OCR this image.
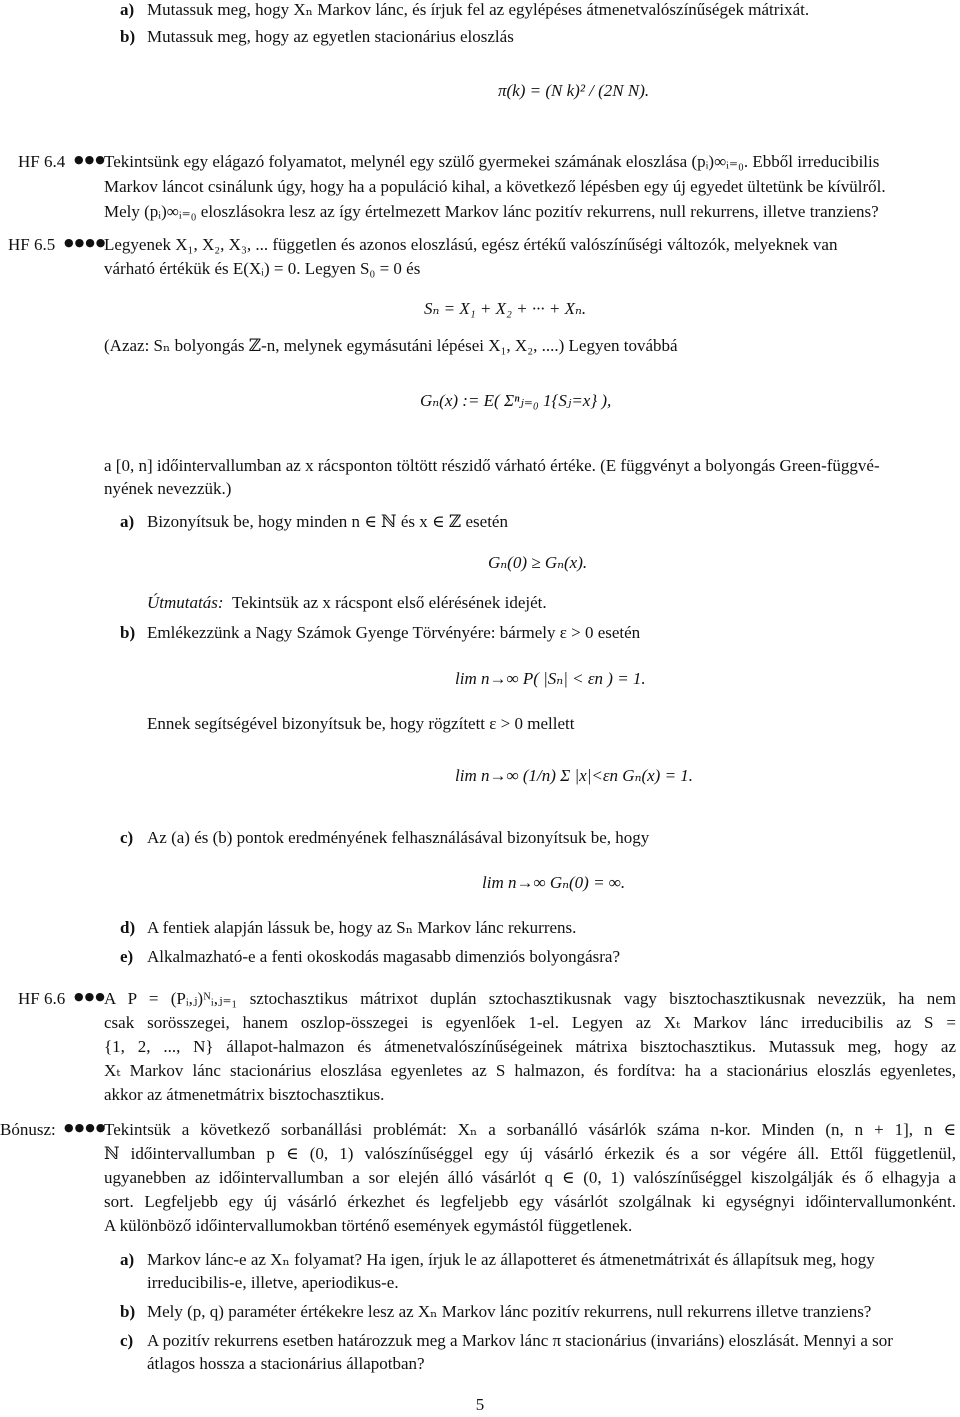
a) Mutassuk meg, hogy Xₙ Markov lánc, és írjuk fel az egylépéses átmenetvalószínűségek mátrixát.
b) Mutassuk meg, hogy az egyetlen stacionárius eloszlás
π(k) = (N k)² / (2N N).
HF 6.4 ●●●
Tekintsünk egy elágazó folyamatot, melynél egy szülő gyermekei számának eloszlása (pᵢ)∞ᵢ₌₀. Ebből irreducibilis
Markov láncot csinálunk úgy, hogy ha a populáció kihal, a következő lépésben egy új egyedet ültetünk be kívülről.
Mely (pᵢ)∞ᵢ₌₀ eloszlásokra lesz az így értelmezett Markov lánc pozitív rekurrens, null rekurrens, illetve tranziens?
HF 6.5 ●●●●
Legyenek X₁, X₂, X₃, ... független és azonos eloszlású, egész értékű valószínűségi változók, melyeknek van
várható értékük és E(Xᵢ) = 0. Legyen S₀ = 0 és
Sₙ = X₁ + X₂ + ··· + Xₙ.
(Azaz: Sₙ bolyongás ℤ-n, melynek egymásutáni lépései X₁, X₂, ....) Legyen továbbá
Gₙ(x) := E( Σⁿⱼ₌₀ 1{Sⱼ=x} ),
a [0, n] időintervallumban az x rácsponton töltött részidő várható értéke. (E függvényt a bolyongás Green-függvé-
nyének nevezzük.)
a) Bizonyítsuk be, hogy minden n ∈ ℕ és x ∈ ℤ esetén
Gₙ(0) ≥ Gₙ(x).
Útmutatás: Tekintsük az x rácspont első elérésének idejét.
b) Emlékezzünk a Nagy Számok Gyenge Törvényére: bármely ε > 0 esetén
lim n→∞ P( |Sₙ| < εn ) = 1.
Ennek segítségével bizonyítsuk be, hogy rögzített ε > 0 mellett
lim n→∞ (1/n) Σ |x|<εn Gₙ(x) = 1.
c) Az (a) és (b) pontok eredményének felhasználásával bizonyítsuk be, hogy
lim n→∞ Gₙ(0) = ∞.
d) A fentiek alapján lássuk be, hogy az Sₙ Markov lánc rekurrens.
e) Alkalmazható-e a fenti okoskodás magasabb dimenziós bolyongásra?
HF 6.6 ●●●
A P = (Pᵢ,ⱼ)ᴺᵢ,ⱼ₌₁ sztochasztikus mátrixot duplán sztochasztikusnak vagy bisztochasztikusnak nevezzük, ha nem
csak sorösszegei, hanem oszlop-összegei is egyenlőek 1-el. Legyen az Xₜ Markov lánc irreducibilis az S =
{1, 2, ..., N} állapot-halmazon és átmenetvalószínűségeinek mátrixa bisztochasztikus. Mutassuk meg, hogy az
Xₜ Markov lánc stacionárius eloszlása egyenletes az S halmazon, és fordítva: ha a stacionárius eloszlás egyenletes,
akkor az átmenetmátrix bisztochasztikus.
Bónusz: ●●●●
Tekintsük a következő sorbanállási problémát: Xₙ a sorbanálló vásárlók száma n-kor. Minden (n, n + 1], n ∈
ℕ időintervallumban p ∈ (0, 1) valószínűséggel egy új vásárló érkezik és a sor végére áll. Ettől függetlenül,
ugyanebben az időintervallumban a sor elején álló vásárlót q ∈ (0, 1) valószínűséggel kiszolgálják és ő elhagyja a
sort. Legfeljebb egy új vásárló érkezhet és legfeljebb egy vásárlót szolgálnak ki egységnyi időintervallumonként.
A különböző időintervallumokban történő események egymástól függetlenek.
a) Markov lánc-e az Xₙ folyamat? Ha igen, írjuk le az állapotteret és átmenetmátrixát és állapítsuk meg, hogy
irreducibilis-e, illetve, aperiodikus-e.
b) Mely (p, q) paraméter értékekre lesz az Xₙ Markov lánc pozitív rekurrens, null rekurrens illetve tranziens?
c) A pozitív rekurrens esetben határozzuk meg a Markov lánc π stacionárius (invariáns) eloszlását. Mennyi a sor
átlagos hossza a stacionárius állapotban?
5
